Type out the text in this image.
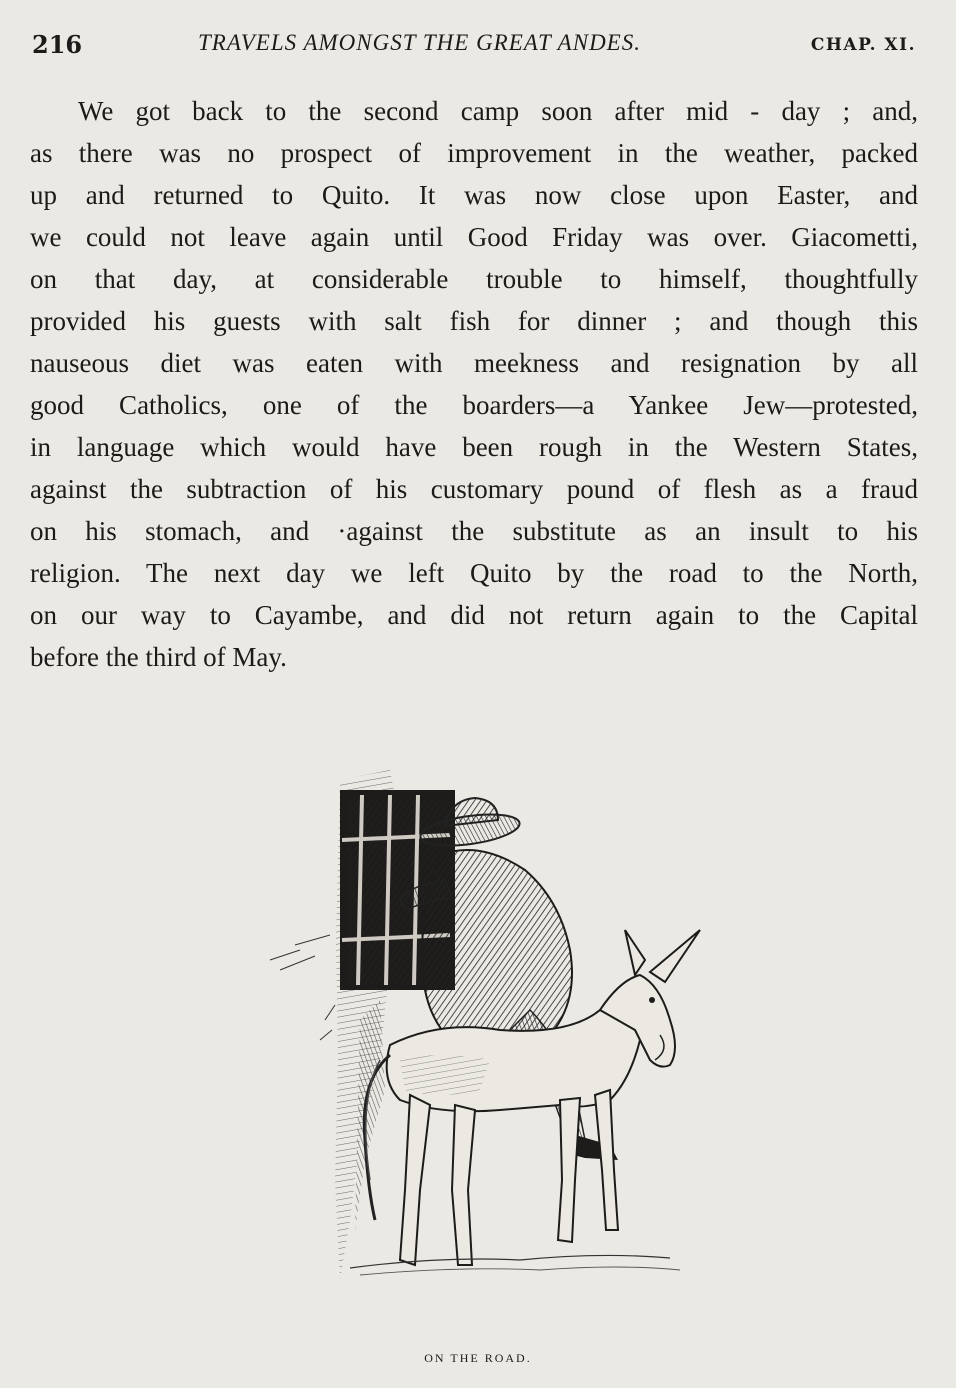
216	TRAVELS AMONGST THE GREAT ANDES.	CHAP. XI.
We got back to the second camp soon after mid - day ; and,
as there was no prospect of improvement in the weather, packed
up and returned to Quito. It was now close upon Easter, and
we could not leave again until Good Friday was over. Giacometti,
on that day, at considerable trouble to himself, thoughtfully
provided his guests with salt fish for dinner ; and though this
nauseous diet was eaten with meekness and resignation by all
good Catholics, one of the boarders—a Yankee Jew—protested,
in language which would have been rough in the Western States,
against the subtraction of his customary pound of flesh as a fraud
on his stomach, and ·against the substitute as an insult to his
religion. The next day we left Quito by the road to the North,
on our way to Cayambe, and did not return again to the Capital
before the third of May.
ON THE ROAD.
